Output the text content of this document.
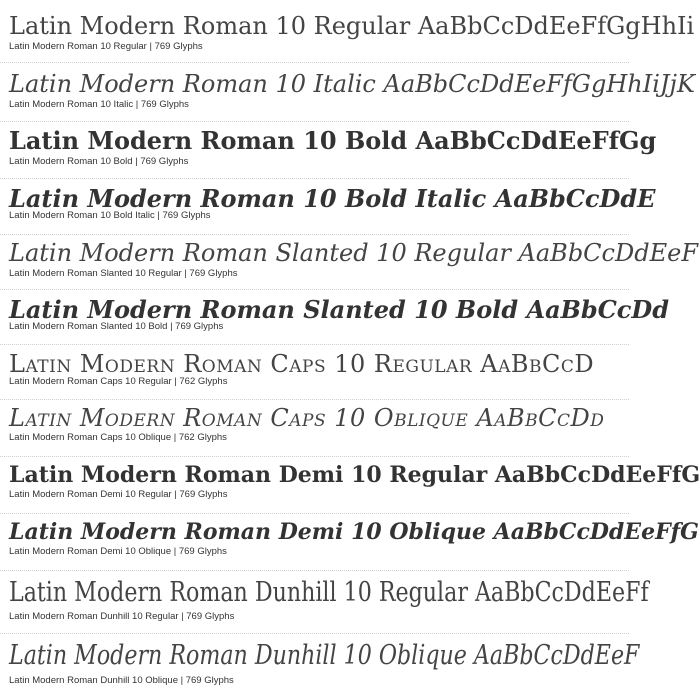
Latin Modern Roman 10 Regular AaBbCcDdEeFfGgHhIi
Latin Modern Roman 10 Regular | 769 Glyphs
Latin Modern Roman 10 Italic AaBbCcDdEeFfGgHhIiJjK
Latin Modern Roman 10 Italic | 769 Glyphs
Latin Modern Roman 10 Bold AaBbCcDdEeFfGg
Latin Modern Roman 10 Bold | 769 Glyphs
Latin Modern Roman 10 Bold Italic AaBbCcDdE
Latin Modern Roman 10 Bold Italic | 769 Glyphs
Latin Modern Roman Slanted 10 Regular AaBbCcDdEeF
Latin Modern Roman Slanted 10 Regular | 769 Glyphs
Latin Modern Roman Slanted 10 Bold AaBbCcDd
Latin Modern Roman Slanted 10 Bold | 769 Glyphs
Latin Modern Roman Caps 10 Regular AaBbCcD
Latin Modern Roman Caps 10 Regular | 762 Glyphs
Latin Modern Roman Caps 10 Oblique AaBbCcDd
Latin Modern Roman Caps 10 Oblique | 762 Glyphs
Latin Modern Roman Demi 10 Regular AaBbCcDdEeFfG
Latin Modern Roman Demi 10 Regular | 769 Glyphs
Latin Modern Roman Demi 10 Oblique AaBbCcDdEeFfG
Latin Modern Roman Demi 10 Oblique | 769 Glyphs
Latin Modern Roman Dunhill 10 Regular AaBbCcDdEeFf
Latin Modern Roman Dunhill 10 Regular | 769 Glyphs
Latin Modern Roman Dunhill 10 Oblique AaBbCcDdEeF
Latin Modern Roman Dunhill 10 Oblique | 769 Glyphs
